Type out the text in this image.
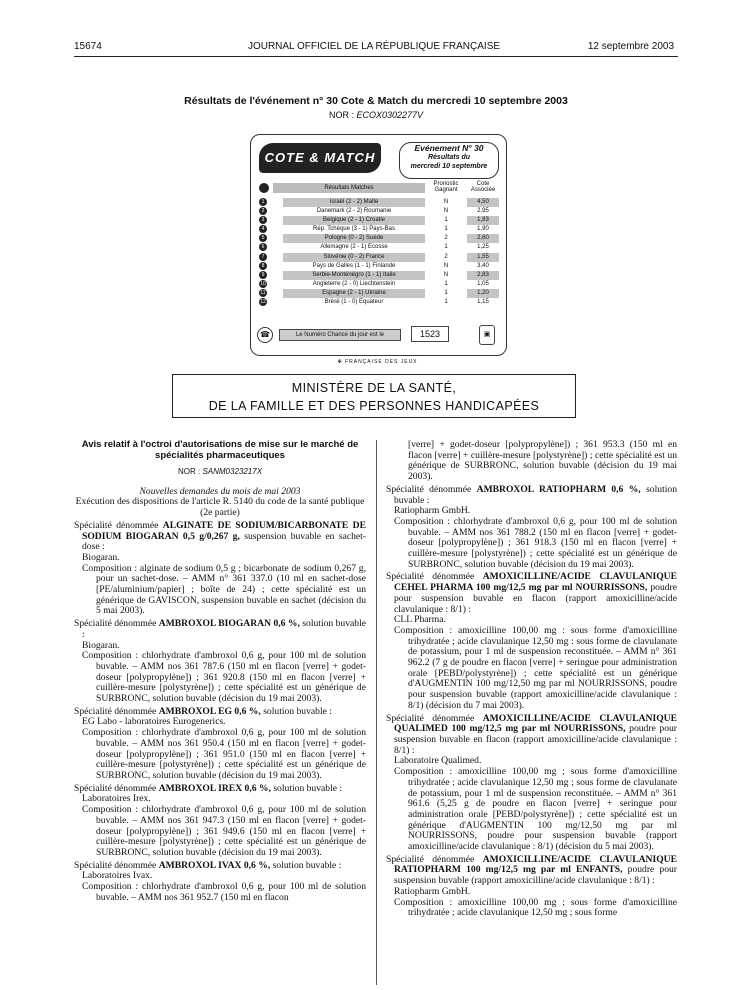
15674	JOURNAL OFFICIEL DE LA RÉPUBLIQUE FRANÇAISE	12 septembre 2003
Résultats de l'événement n° 30 Cote & Match du mercredi 10 septembre 2003
NOR : ECOX0302277V
COTE & MATCH
Evénement N° 30
Résultats du
mercredi 10 septembre
Résultats Matches
Pronostic Gagnant
Cote Associée
1	Israël (2 - 2) Malte	N	4,50
2	Danemark (2 - 2) Roumanie	N	2,95
3	Belgique (2 - 1) Croatie	1	1,83
4	Rép. Tchèque (3 - 1) Pays-Bas	1	1,90
5	Pologne (0 - 2) Suède	2	2,60
6	Allemagne (2 - 1) Ecosse	1	1,25
7	Slovénie (0 - 2) France	2	1,55
8	Pays de Galles (1 - 1) Finlande	N	3,40
9	Serbie-Monténégro (1 - 1) Italie	N	2,83
10	Angleterre (2 - 0) Liechtenstein	1	1,05
11	Espagne (2 - 1) Ukraine	1	1,20
12	Brésil (1 - 0) Equateur	1	1,15
☎	Le Numéro Chance du jour est le	1523	▣
✤ FRANÇAISE DES JEUX
MINISTÈRE DE LA SANTÉ,
DE LA FAMILLE ET DES PERSONNES HANDICAPÉES

Avis relatif à l'octroi d'autorisations de mise sur le marché de spécialités pharmaceutiques

NOR : SANM0323217X

Nouvelles demandes du mois de mai 2003

Exécution des dispositions de l'article R. 5140 du code de la santé publique (2e partie)

Spécialité dénommée ALGINATE DE SODIUM/BICARBONATE DE SODIUM BIOGARAN 0,5 g/0,267 g, suspension buvable en sachet-dose :

Biogaran.

Composition : alginate de sodium 0,5 g ; bicarbonate de sodium 0,267 g, pour un sachet-dose. – AMM n° 361 337.0 (10 ml en sachet-dose [PE/aluminium/papier] ; boîte de 24) ; cette spécialité est un générique de GAVISCON, suspension buvable en sachet (décision du 5 mai 2003).

Spécialité dénommée AMBROXOL BIOGARAN 0,6 %, solution buvable :

Biogaran.

Composition : chlorhydrate d'ambroxol 0,6 g, pour 100 ml de solution buvable. – AMM nos 361 787.6 (150 ml en flacon [verre] + godet-doseur [polypropylène]) ; 361 920.8 (150 ml en flacon [verre] + cuillère-mesure [polystyrène]) ; cette spécialité est un générique de SURBRONC, solution buvable (décision du 19 mai 2003).

Spécialité dénommée AMBROXOL EG 0,6 %, solution buvable :

EG Labo - laboratoires Eurogenerics.

Composition : chlorhydrate d'ambroxol 0,6 g, pour 100 ml de solution buvable. – AMM nos 361 950.4 (150 ml en flacon [verre] + godet-doseur [polypropylène]) ; 361 951.0 (150 ml en flacon [verre] + cuillère-mesure [polystyrène]) ; cette spécialité est un générique de SURBRONC, solution buvable (décision du 19 mai 2003).

Spécialité dénommée AMBROXOL IREX 0,6 %, solution buvable :

Laboratoires Irex.

Composition : chlorhydrate d'ambroxol 0,6 g, pour 100 ml de solution buvable. – AMM nos 361 947.3 (150 ml en flacon [verre] + godet-doseur [polypropylène]) ; 361 949.6 (150 ml en flacon [verre] + cuillère-mesure [polystyrène]) ; cette spécialité est un générique de SURBRONC, solution buvable (décision du 19 mai 2003).

Spécialité dénommée AMBROXOL IVAX 0,6 %, solution buvable :

Laboratoires Ivax.

Composition : chlorhydrate d'ambroxol 0,6 g, pour 100 ml de solution buvable. – AMM nos 361 952.7 (150 ml en flacon

[verre] + godet-doseur [polypropylène]) ; 361 953.3 (150 ml en flacon [verre] + cuillère-mesure [polystyrène]) ; cette spécialité est un générique de SURBRONC, solution buvable (décision du 19 mai 2003).

Spécialité dénommée AMBROXOL RATIOPHARM 0,6 %, solution buvable :

Ratiopharm GmbH.

Composition : chlorhydrate d'ambroxol 0,6 g, pour 100 ml de solution buvable. – AMM nos 361 788.2 (150 ml en flacon [verre] + godet-doseur [polypropylène]) ; 361 918.3 (150 ml en flacon [verre] + cuillère-mesure [polystyrène]) ; cette spécialité est un générique de SURBRONC, solution buvable (décision du 19 mai 2003).

Spécialité dénommée AMOXICILLINE/ACIDE CLAVULANIQUE CEHEL PHARMA 100 mg/12,5 mg par ml NOURRISSONS, poudre pour suspension buvable en flacon (rapport amoxicilline/acide clavulanique : 8/1) :

CLL Pharma.

Composition : amoxicilline 100,00 mg : sous forme d'amoxicilline trihydratée ; acide clavulanique 12,50 mg : sous forme de clavulanate de potassium, pour 1 ml de suspension reconstituée. – AMM n° 361 962.2 (7 g de poudre en flacon [verre] + seringue pour administration orale [PEBD/polystyrène]) ; cette spécialité est un générique d'AUGMENTIN 100 mg/12,50 mg par ml NOURRISSONS, poudre pour suspension buvable (rapport amoxicilline/acide clavulanique : 8/1) (décision du 7 mai 2003).

Spécialité dénommée AMOXICILLINE/ACIDE CLAVULANIQUE QUALIMED 100 mg/12,5 mg par ml NOURRISSONS, poudre pour suspension buvable en flacon (rapport amoxicilline/acide clavulanique : 8/1) :

Laboratoire Qualimed.

Composition : amoxicilline 100,00 mg ; sous forme d'amoxicilline trihydratée ; acide clavulanique 12,50 mg ; sous forme de clavulanate de potassium, pour 1 ml de suspension reconstituée. – AMM n° 361 961.6 (5,25 g de poudre en flacon [verre] + seringue pour administration orale [PEBD/polystyrène]) ; cette spécialité est un générique d'AUGMENTIN 100 mg/12,50 mg par ml NOURRISSONS, poudre pour suspension buvable (rapport amoxicilline/acide clavulanique : 8/1) (décision du 5 mai 2003).

Spécialité dénommée AMOXICILLINE/ACIDE CLAVULANIQUE RATIOPHARM 100 mg/12,5 mg par ml ENFANTS, poudre pour suspension buvable (rapport amoxicilline/acide clavulanique : 8/1) :

Ratiopharm GmbH.

Composition : amoxicilline 100,00 mg ; sous forme d'amoxicilline trihydratée ; acide clavulanique 12,50 mg ; sous forme
